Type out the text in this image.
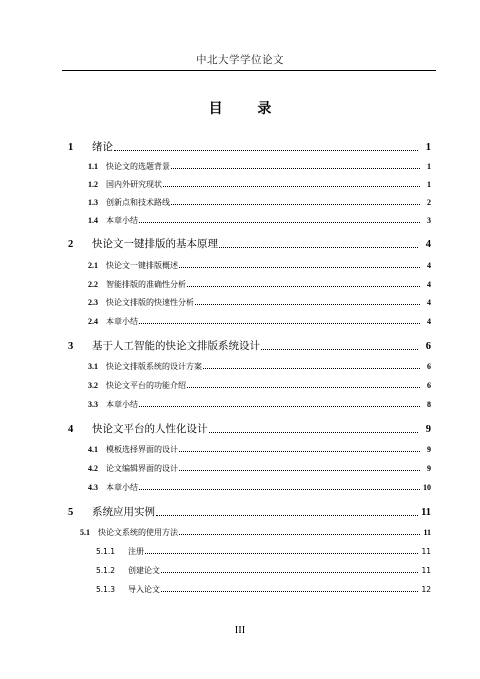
中北大学学位论文
目 录
1	绪论	1
1.1	快论文的选题背景	1
1.2	国内外研究现状	1
1.3	创新点和技术路线	2
1.4	本章小结	3
2	快论文一键排版的基本原理	4
2.1	快论文一键排版概述	4
2.2	智能排版的准确性分析	4
2.3	快论文排版的快速性分析	4
2.4	本章小结	4
3	基于人工智能的快论文排版系统设计	6
3.1	快论文排版系统的设计方案	6
3.2	快论文平台的功能介绍	6
3.3	本章小结	8
4	快论文平台的人性化设计	9
4.1	模板选择界面的设计	9
4.2	论文编辑界面的设计	9
4.3	本章小结	10
5	系统应用实例	11
5.1	快论文系统的使用方法	11
5.1.1	注册	11
5.1.2	创建论文	11
5.1.3	导入论文	12
III
